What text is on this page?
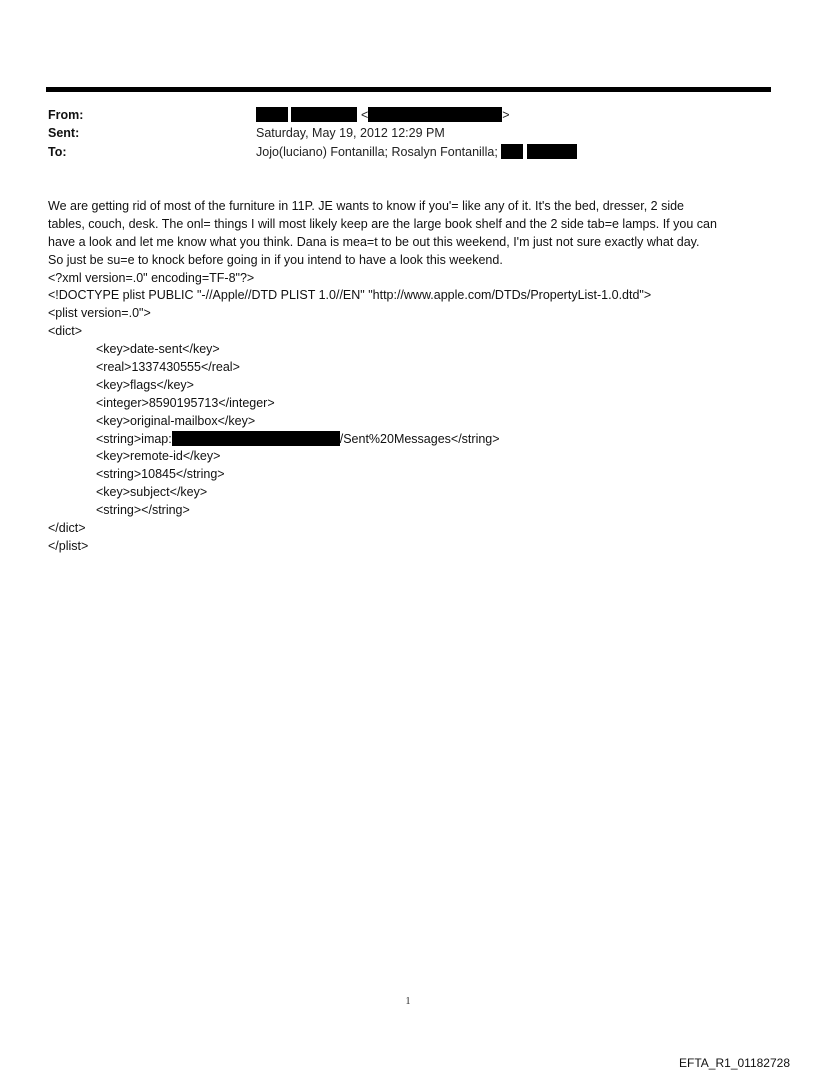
From:	<	>
Sent:	Saturday, May 19, 2012 12:29 PM
To:	Jojo(luciano) Fontanilla; Rosalyn Fontanilla;
We are getting rid of most of the furniture in 11P. JE wants to know if you'= like any of it. It's the bed, dresser, 2 side
tables, couch, desk. The onl= things I will most likely keep are the large book shelf and the 2 side tab=e lamps. If you can
have a look and let me know what you think. Dana is mea=t to be out this weekend, I'm just not sure exactly what day.
So just be su=e to knock before going in if you intend to have a look this weekend.
<?xml version=.0" encoding=TF-8"?>
<!DOCTYPE plist PUBLIC "-//Apple//DTD PLIST 1.0//EN" "http://www.apple.com/DTDs/PropertyList-1.0.dtd">
<plist version=.0">
<dict>
<key>date-sent</key>
<real>1337430555</real>
<key>flags</key>
<integer>8590195713</integer>
<key>original-mailbox</key>
<string>imap:	/Sent%20Messages</string>
<key>remote-id</key>
<string>10845</string>
<key>subject</key>
<string></string>
</dict>
</plist>
1
EFTA_R1_01182728
